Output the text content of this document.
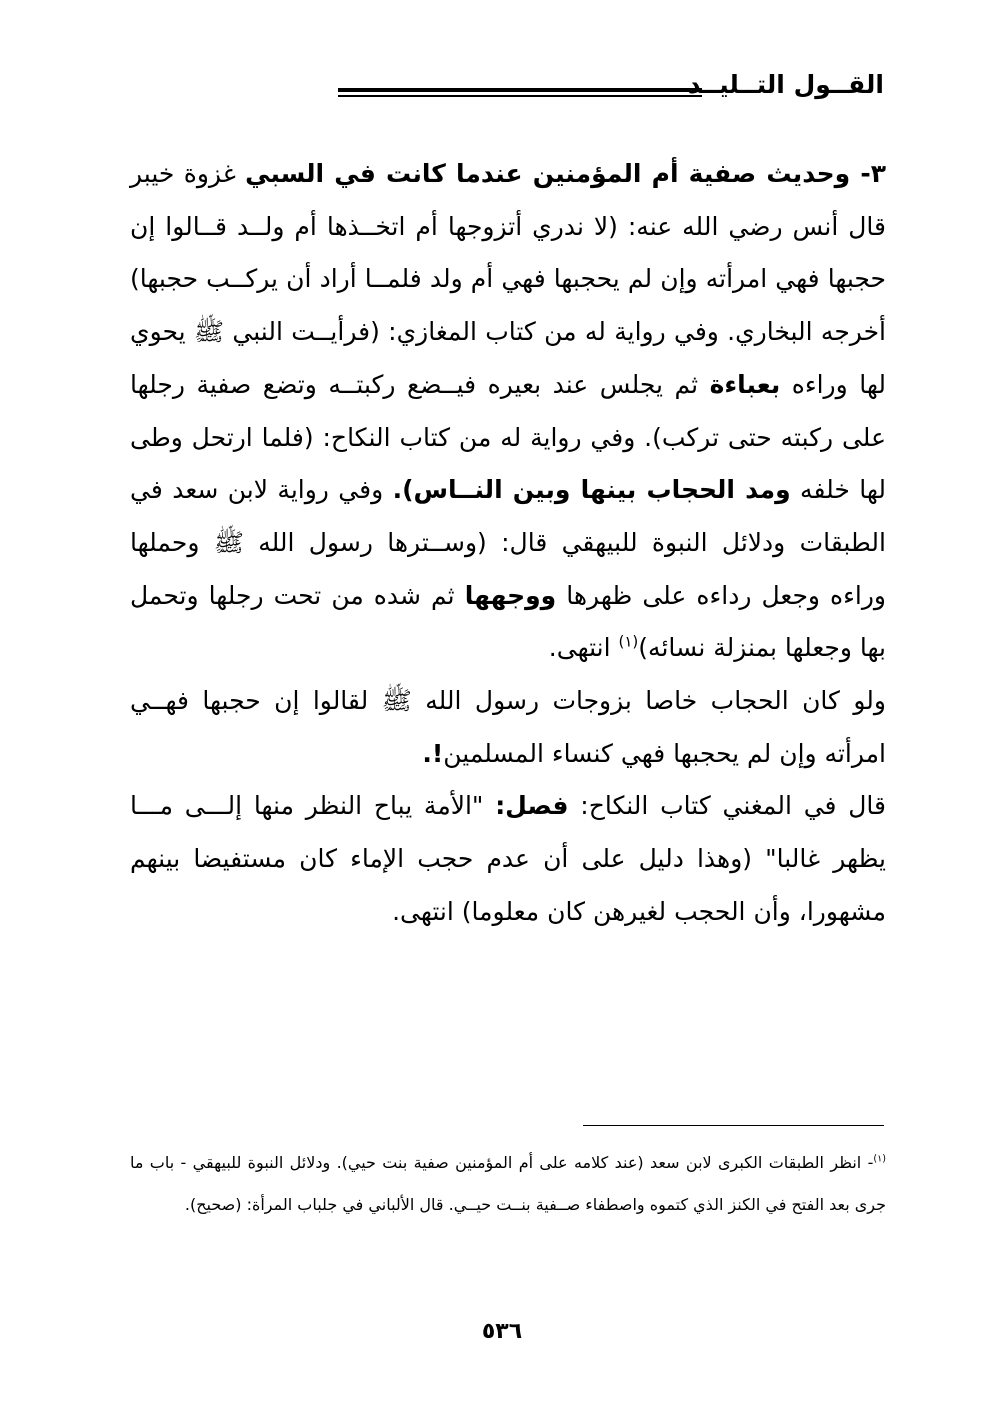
القــول التــليــد

٣- وحديث صفية أم المؤمنين عندما كانت في السبي غزوة خيبر قال أنس رضي الله عنه: (لا ندري أتزوجها أم اتخــذها أم ولــد قــالوا إن حجبها فهي امرأته وإن لم يحجبها فهي أم ولد فلمــا أراد أن يركــب حجبها) أخرجه البخاري. وفي رواية له من كتاب المغازي: (فرأيــت النبي ﷺ يحوي لها وراءه بعباءة ثم يجلس عند بعيره فيــضع ركبتــه وتضع صفية رجلها على ركبته حتى تركب). وفي رواية له من كتاب النكاح: (فلما ارتحل وطى لها خلفه ومد الحجاب بينها وبين النــاس). وفي رواية لابن سعد في الطبقات ودلائل النبوة للبيهقي قال: (وســترها رسول الله ﷺ وحملها وراءه وجعل رداءه على ظهرها ووجهها ثم شده من تحت رجلها وتحمل بها وجعلها بمنزلة نسائه)$^{(١)}$ انتهى.

ولو كان الحجاب خاصا بزوجات رسول الله ﷺ لقالوا إن حجبها فهــي امرأته وإن لم يحجبها فهي كنساء المسلمين!.

قال في المغني كتاب النكاح: فصل: "الأمة يباح النظر منها إلـــى مـــا يظهر غالبا" (وهذا دليل على أن عدم حجب الإماء كان مستفيضا بينهم مشهورا، وأن الحجب لغيرهن كان معلوما) انتهى.

$^{(١)}$- انظر الطبقات الكبرى لابن سعد (عند كلامه على أم المؤمنين صفية بنت حيي). ودلائل النبوة للبيهقي - باب ما جرى بعد الفتح في الكنز الذي كتموه واصطفاء صــفية بنــت حيــي. قال الألباني في جلباب المرأة: (صحيح).

٥٣٦
